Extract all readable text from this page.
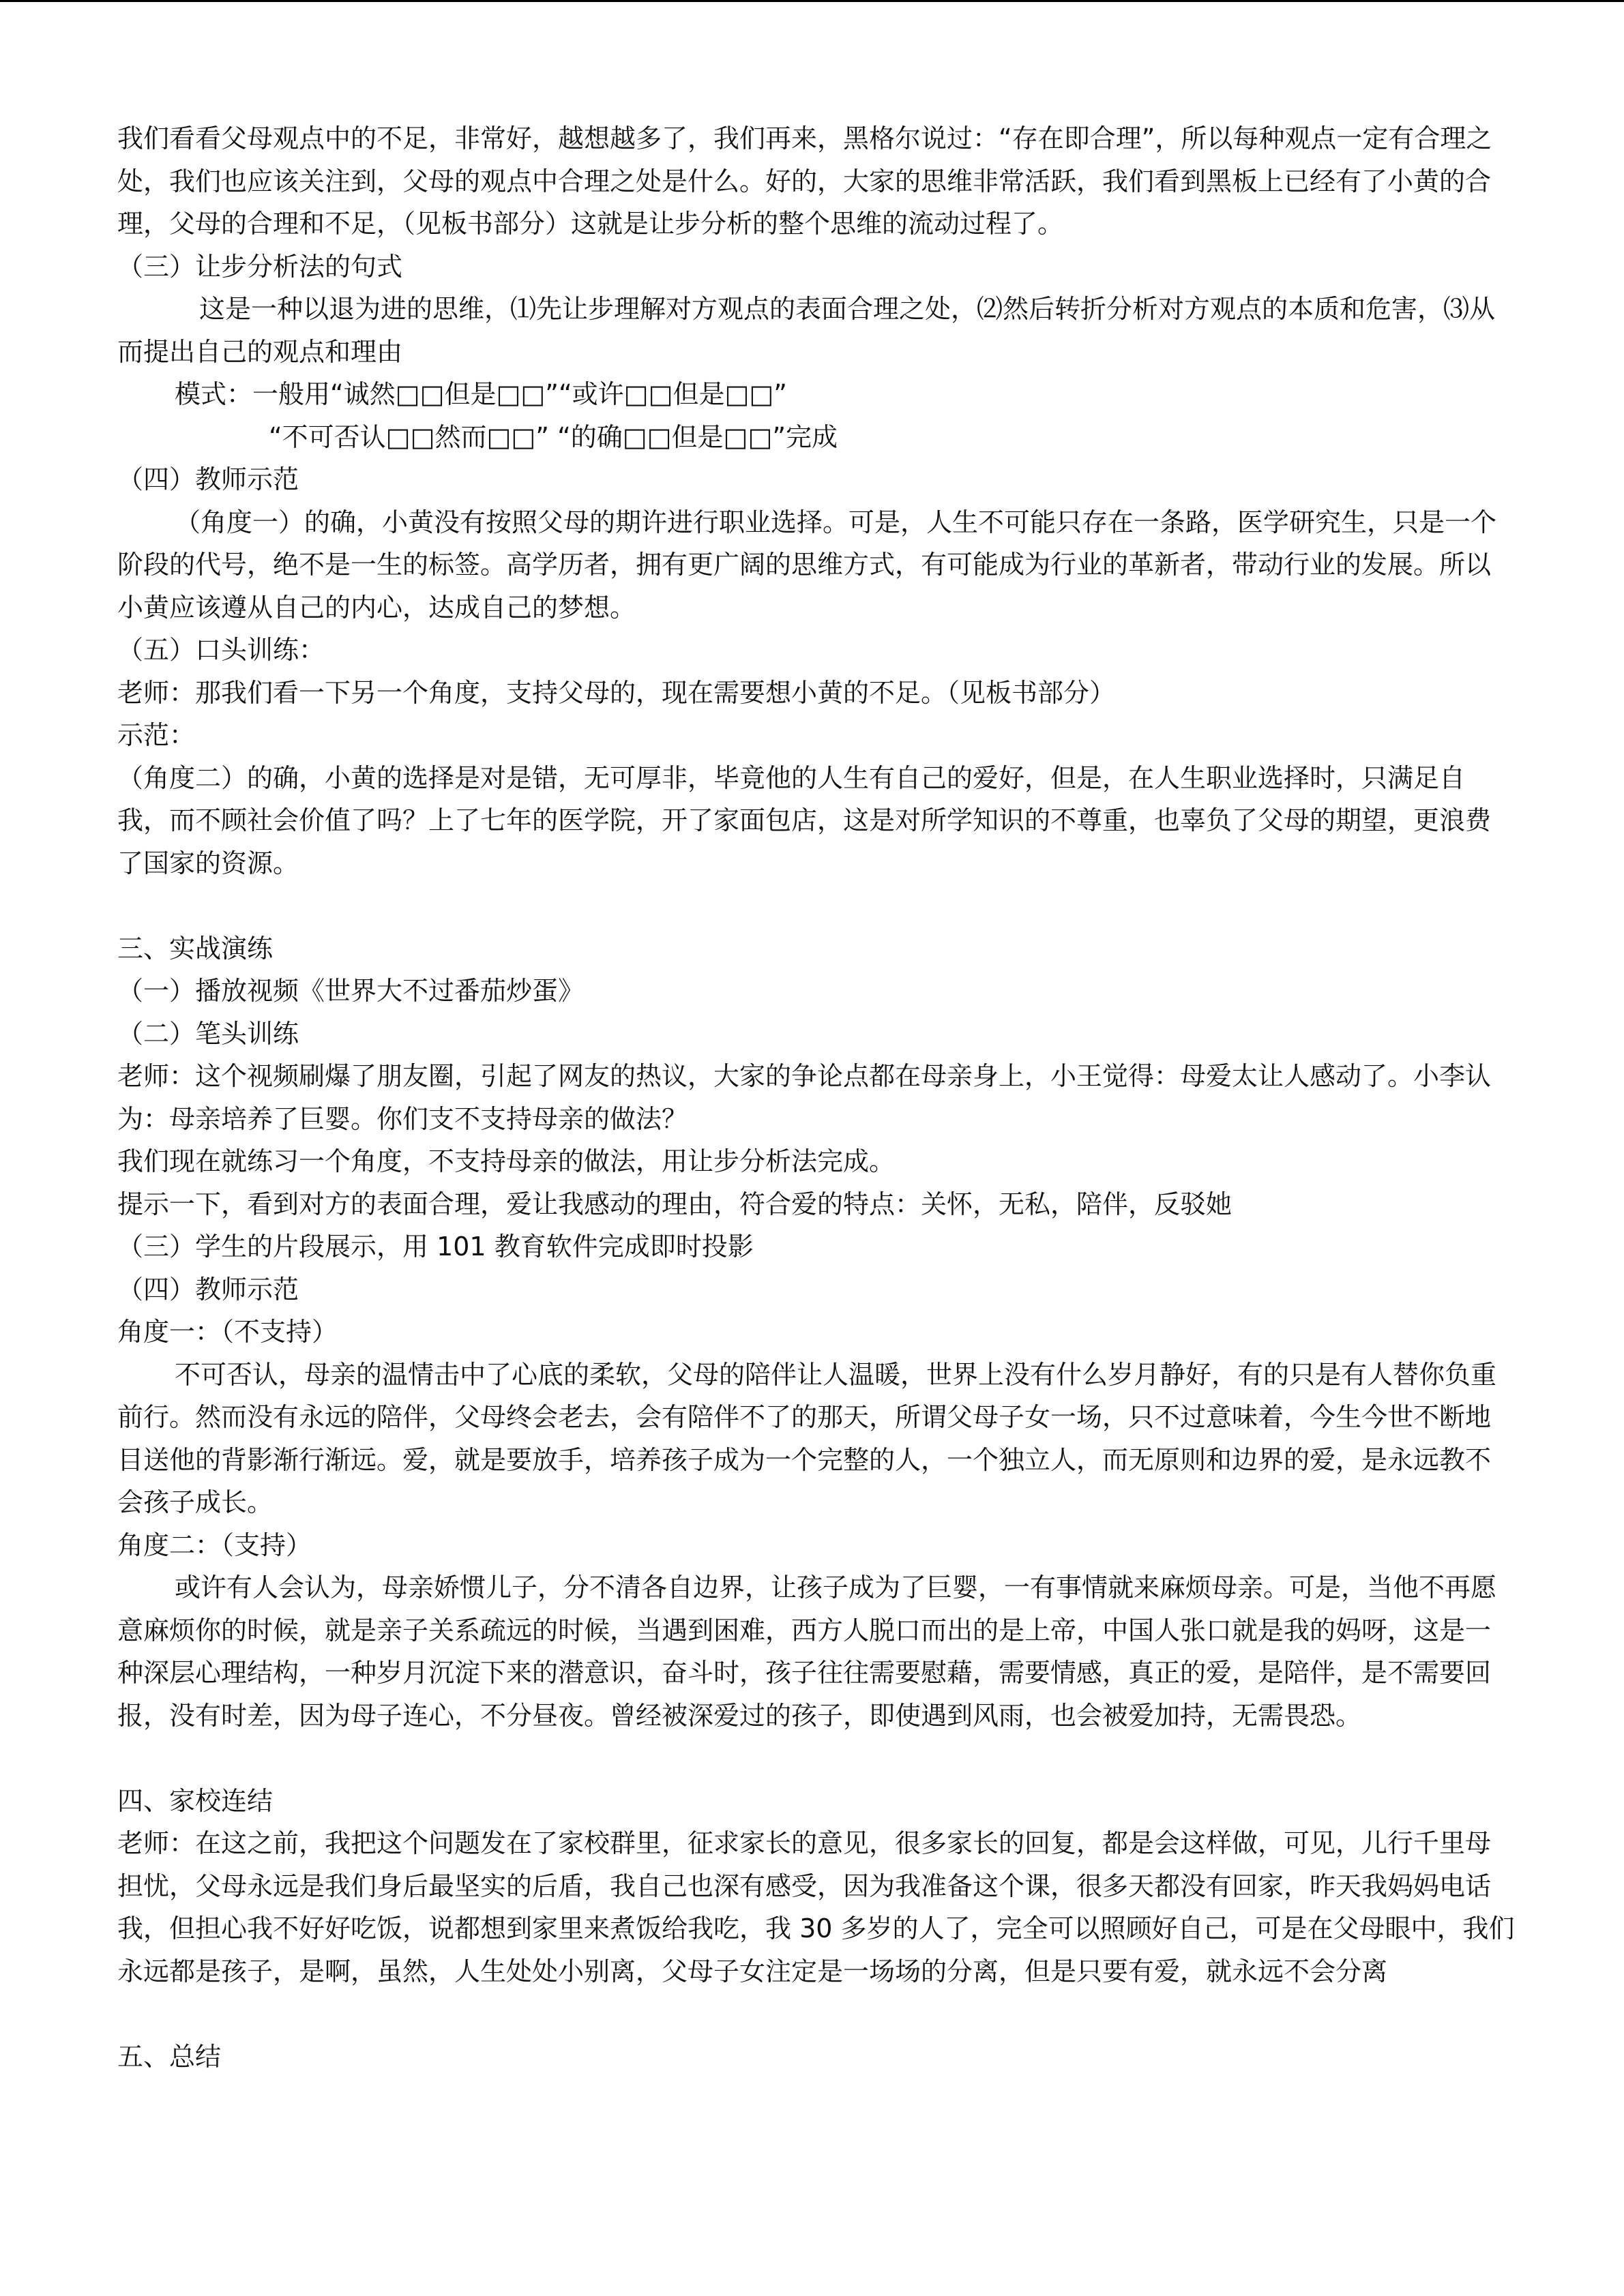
我们看看父母观点中的不足，非常好，越想越多了，我们再来，黑格尔说过：“存在即合理”，所以每种观点一定有合理之处，我们也应该关注到，父母的观点中合理之处是什么。好的，大家的思维非常活跃，我们看到黑板上已经有了小黄的合理，父母的合理和不足，（见板书部分）这就是让步分析的整个思维的流动过程了。

（三）让步分析法的句式

这是一种以退为进的思维，⑴先让步理解对方观点的表面合理之处，⑵然后转折分析对方观点的本质和危害，⑶从而提出自己的观点和理由

模式：一般用“诚然□□但是□□”“或许□□但是□□”

“不可否认□□然而□□” “的确□□但是□□”完成

（四）教师示范

（角度一）的确，小黄没有按照父母的期许进行职业选择。可是，人生不可能只存在一条路，医学研究生，只是一个阶段的代号，绝不是一生的标签。高学历者，拥有更广阔的思维方式，有可能成为行业的革新者，带动行业的发展。所以小黄应该遵从自己的内心，达成自己的梦想。

（五）口头训练：

老师：那我们看一下另一个角度，支持父母的，现在需要想小黄的不足。（见板书部分）

示范：

（角度二）的确，小黄的选择是对是错，无可厚非，毕竟他的人生有自己的爱好，但是，在人生职业选择时，只满足自我，而不顾社会价值了吗？上了七年的医学院，开了家面包店，这是对所学知识的不尊重，也辜负了父母的期望，更浪费了国家的资源。

三、实战演练

（一）播放视频《世界大不过番茄炒蛋》

（二）笔头训练

老师：这个视频刷爆了朋友圈，引起了网友的热议，大家的争论点都在母亲身上，小王觉得：母爱太让人感动了。小李认为：母亲培养了巨婴。你们支不支持母亲的做法？

我们现在就练习一个角度，不支持母亲的做法，用让步分析法完成。

提示一下，看到对方的表面合理，爱让我感动的理由，符合爱的特点：关怀，无私，陪伴，反驳她

（三）学生的片段展示，用 101 教育软件完成即时投影

（四）教师示范

角度一：（不支持）

不可否认，母亲的温情击中了心底的柔软，父母的陪伴让人温暖，世界上没有什么岁月静好，有的只是有人替你负重前行。然而没有永远的陪伴，父母终会老去，会有陪伴不了的那天，所谓父母子女一场，只不过意味着，今生今世不断地目送他的背影渐行渐远。爱，就是要放手，培养孩子成为一个完整的人，一个独立人，而无原则和边界的爱，是永远教不会孩子成长。

角度二：（支持）

或许有人会认为，母亲娇惯儿子，分不清各自边界，让孩子成为了巨婴，一有事情就来麻烦母亲。可是，当他不再愿意麻烦你的时候，就是亲子关系疏远的时候，当遇到困难，西方人脱口而出的是上帝，中国人张口就是我的妈呀，这是一种深层心理结构，一种岁月沉淀下来的潜意识，奋斗时，孩子往往需要慰藉，需要情感，真正的爱，是陪伴，是不需要回报，没有时差，因为母子连心，不分昼夜。曾经被深爱过的孩子，即使遇到风雨，也会被爱加持，无需畏恐。

四、家校连结

老师：在这之前，我把这个问题发在了家校群里，征求家长的意见，很多家长的回复，都是会这样做，可见，儿行千里母担忧，父母永远是我们身后最坚实的后盾，我自己也深有感受，因为我准备这个课，很多天都没有回家，昨天我妈妈电话我，但担心我不好好吃饭，说都想到家里来煮饭给我吃，我 30 多岁的人了，完全可以照顾好自己，可是在父母眼中，我们永远都是孩子，是啊，虽然，人生处处小别离，父母子女注定是一场场的分离，但是只要有爱，就永远不会分离

五、总结
